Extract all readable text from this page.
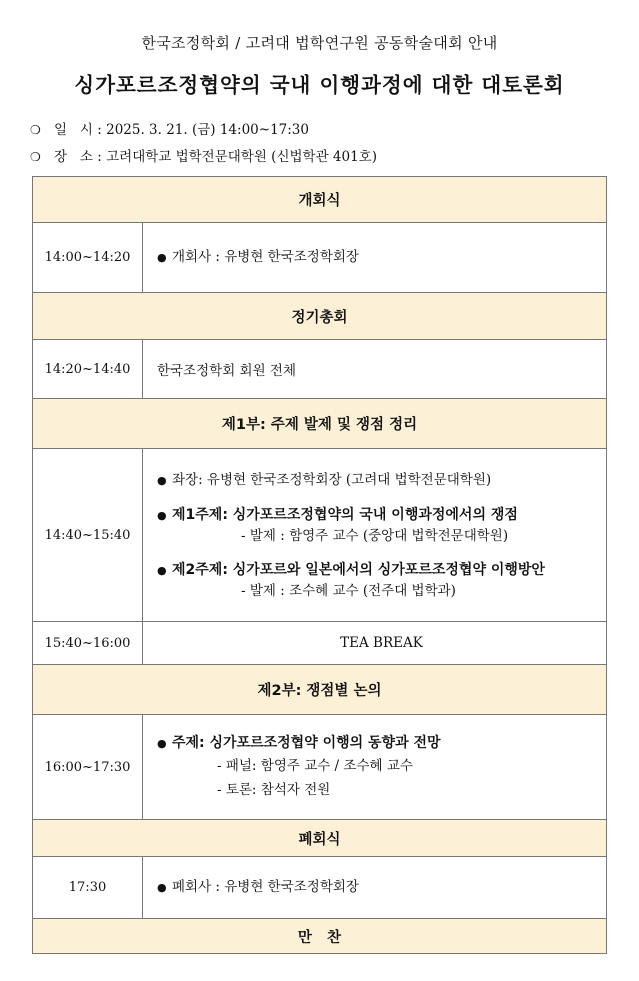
한국조정학회 / 고려대 법학연구원 공동학술대회 안내
싱가포르조정협약의 국내 이행과정에 대한 대토론회
❍ 일   시 : 2025. 3. 21. (금) 14:00~17:30
❍ 장   소 : 고려대학교 법학전문대학원 (신법학관 401호)
개회식	
14:00~14:20	● 개회사 : 유병현 한국조정학회장

정기총회	
14:20~14:40	한국조정학회 회원 전체
제1부: 주제 발제 및 쟁점 정리	
14:40~15:40	● 좌장: 유병현 한국조정학회장 (고려대 법학전문대학원)
● 제1주제: 싱가포르조정협약의 국내 이행과정에서의 쟁점
- 발제 : 함영주 교수 (중앙대 법학전문대학원)
● 제2주제: 싱가포르와 일본에서의 싱가포르조정협약 이행방안
- 발제 : 조수혜 교수 (전주대 법학과)

15:40~16:00	TEA BREAK
제2부: 쟁점별 논의	
16:00~17:30	● 주제: 싱가포르조정협약 이행의 동향과 전망
- 패널: 함영주 교수 / 조수혜 교수
- 토론: 참석자 전원

폐회식	
17:30	● 폐회사 : 유병현 한국조정학회장

만   찬	
